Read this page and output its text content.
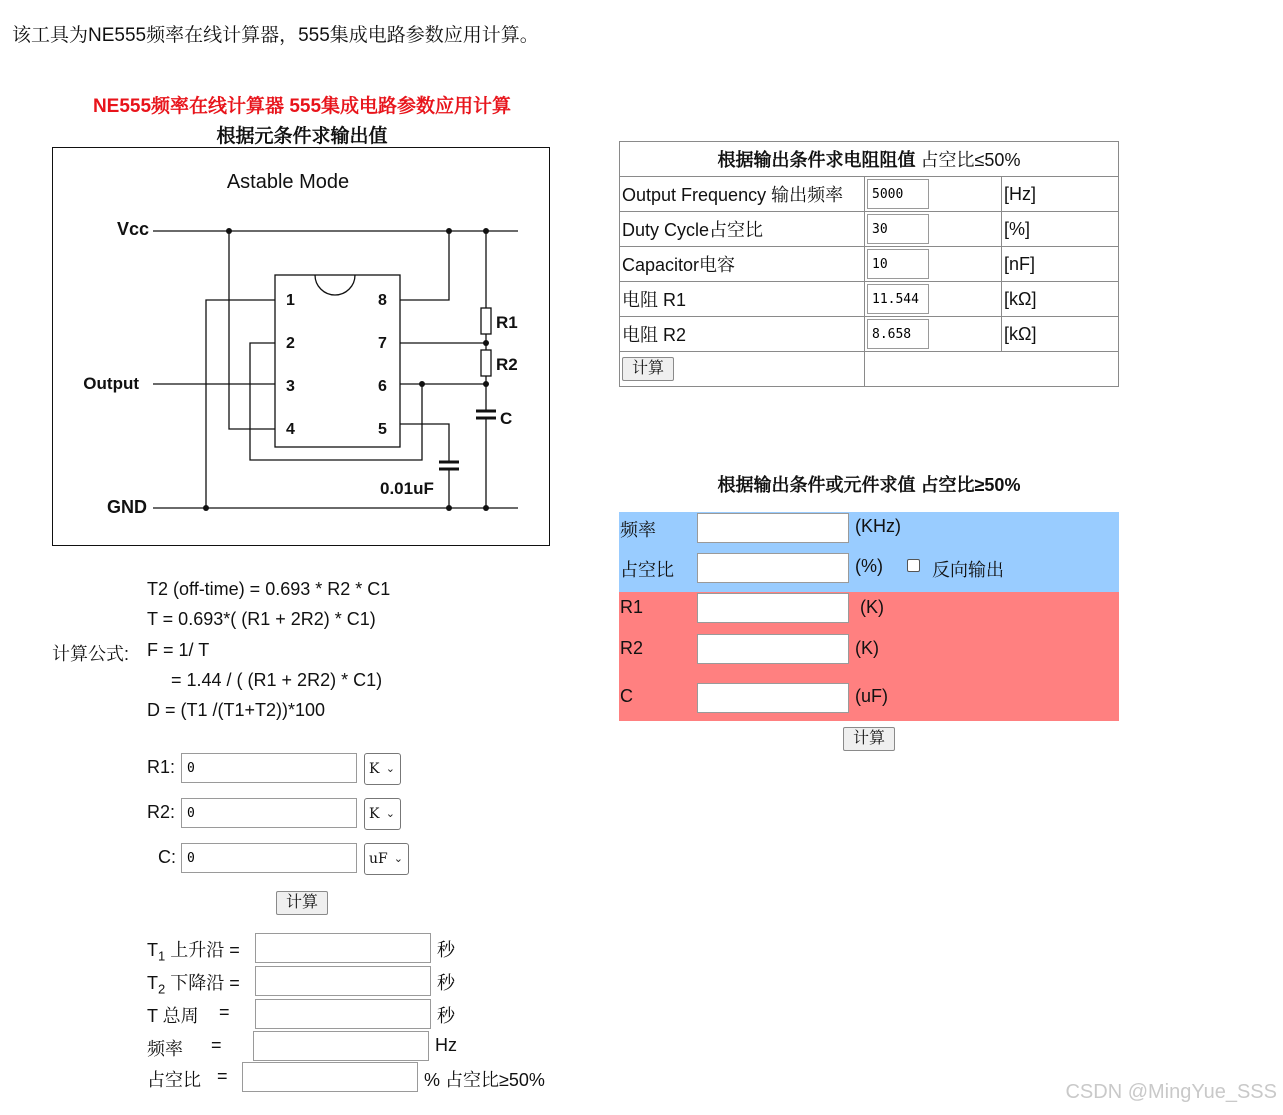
该工具为NE555频率在线计算器，555集成电路参数应用计算。
NE555频率在线计算器 555集成电路参数应用计算
根据元条件求输出值
Astable Mode
Vcc
Output
GND
1
2
3
4
8
7
6
5
R1
R2
C
0.01uF
T2 (off-time) = 0.693 * R2 * C1
T = 0.693*( (R1 + 2R2) * C1)
计算公式: F = 1/ T
= 1.44 / ( (R1 + 2R2) * C1)
D = (T1 /(T1+T2))*100
R1:
0	K ⌄
R2:
0	K ⌄
C:
0	uF ⌄
计算
$T_1$ 上升沿 =	秒
$T_2$ 下降沿 =	秒
T 总周 =	秒
频率 =	Hz
占空比 =	% 占空比≥50%
根据输出条件求电阻阻值 占空比≤50%		
Output Frequency 输出频率	5000	[Hz]
Duty Cycle占空比	30	[%]
Capacitor电容	10	[nF]
电阻 R1	11.544	[kΩ]
电阻 R2	8.658	[kΩ]
计算		
根据输出条件或元件求值 占空比≥50%
频率	(KHz)
占空比	(%)	反向输出
R1	(K)
R2	(K)
C	(uF)
计算
CSDN @MingYue_SSS
